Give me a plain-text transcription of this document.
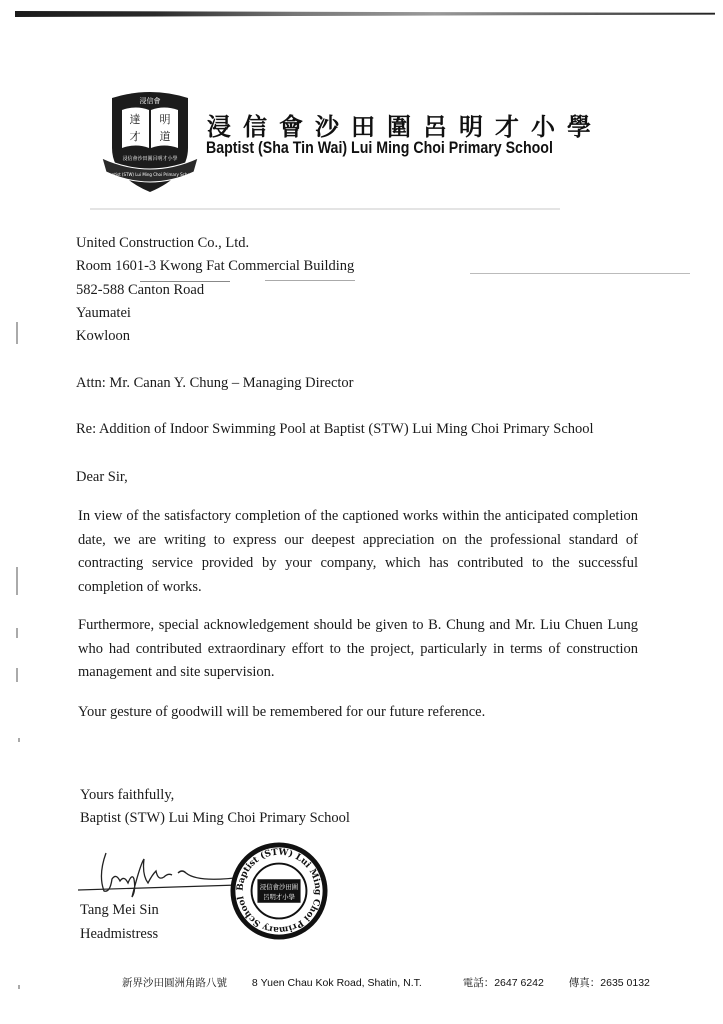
浸信會
達
才
明
道
浸信會沙田圍呂明才小學
Baptist (STW) Lui Ming Choi Primary School
浸信會沙田圍呂明才小學
Baptist (Sha Tin Wai) Lui Ming Choi Primary School
United Construction Co., Ltd.
Room 1601-3 Kwong Fat Commercial Building
582-588 Canton Road
Yaumatei
Kowloon
Attn: Mr. Canan Y. Chung – Managing Director
Re: Addition of Indoor Swimming Pool at Baptist (STW) Lui Ming Choi Primary School
Dear Sir,
In view of the satisfactory completion of the captioned works within the anticipated completion date, we are writing to express our deepest appreciation on the professional standard of contracting service provided by your company, which has contributed to the successful completion of works.
Furthermore, special acknowledgement should be given to B. Chung and Mr. Liu Chuen Lung who had contributed extraordinary effort to the project, particularly in terms of construction management and site supervision.
Your gesture of goodwill will be remembered for our future reference.
Yours faithfully,
Baptist (STW) Lui Ming Choi Primary School
Tang Mei Sin
Headmistress
Baptist (STW) Lui Ming Choi Primary School
浸信會沙田圍
呂明才小學
新界沙田圓洲角路八號 8 Yuen Chau Kok Road, Shatin, N.T.	電話：2647 6242 傳真：2635 0132
